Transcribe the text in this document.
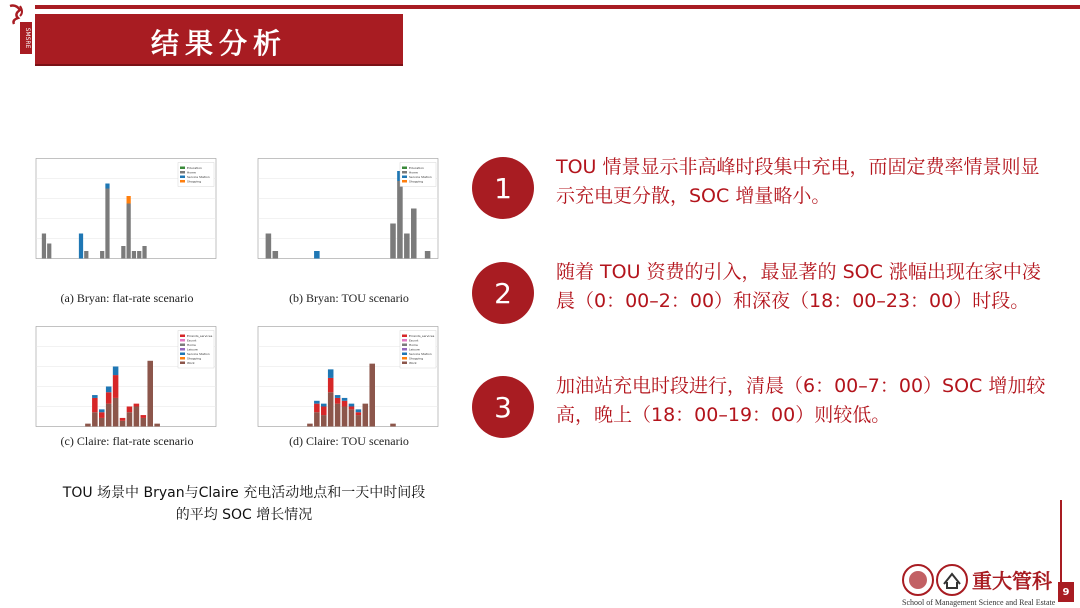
SMSRE	结果分析
Education
Home
Service Station
Shopping
(a) Bryan: flat-rate scenario
Education
Home
Service Station
Shopping
(b) Bryan: TOU scenario
Errands_services
Escort
Home
Leisure
Service Station
Shopping
Work
(c) Claire: flat-rate scenario
Errands_services
Escort
Home
Leisure
Service Station
Shopping
Work
(d) Claire: TOU scenario
TOU 场景中 Bryan与Claire 充电活动地点和一天中时间段
的平均 SOC 增长情况
1
TOU 情景显示非高峰时段集中充电，而固定费率情景则显示充电更分散，SOC 增量略小。
2
随着 TOU 资费的引入，最显著的 SOC 涨幅出现在家中凌晨（0：00–2：00）和深夜（18：00–23：00）时段。
3
加油站充电时段进行，清晨（6：00–7：00）SOC 增加较高，晚上（18：00–19：00）则较低。
重大管科
School of Management Science and Real Estate
9
